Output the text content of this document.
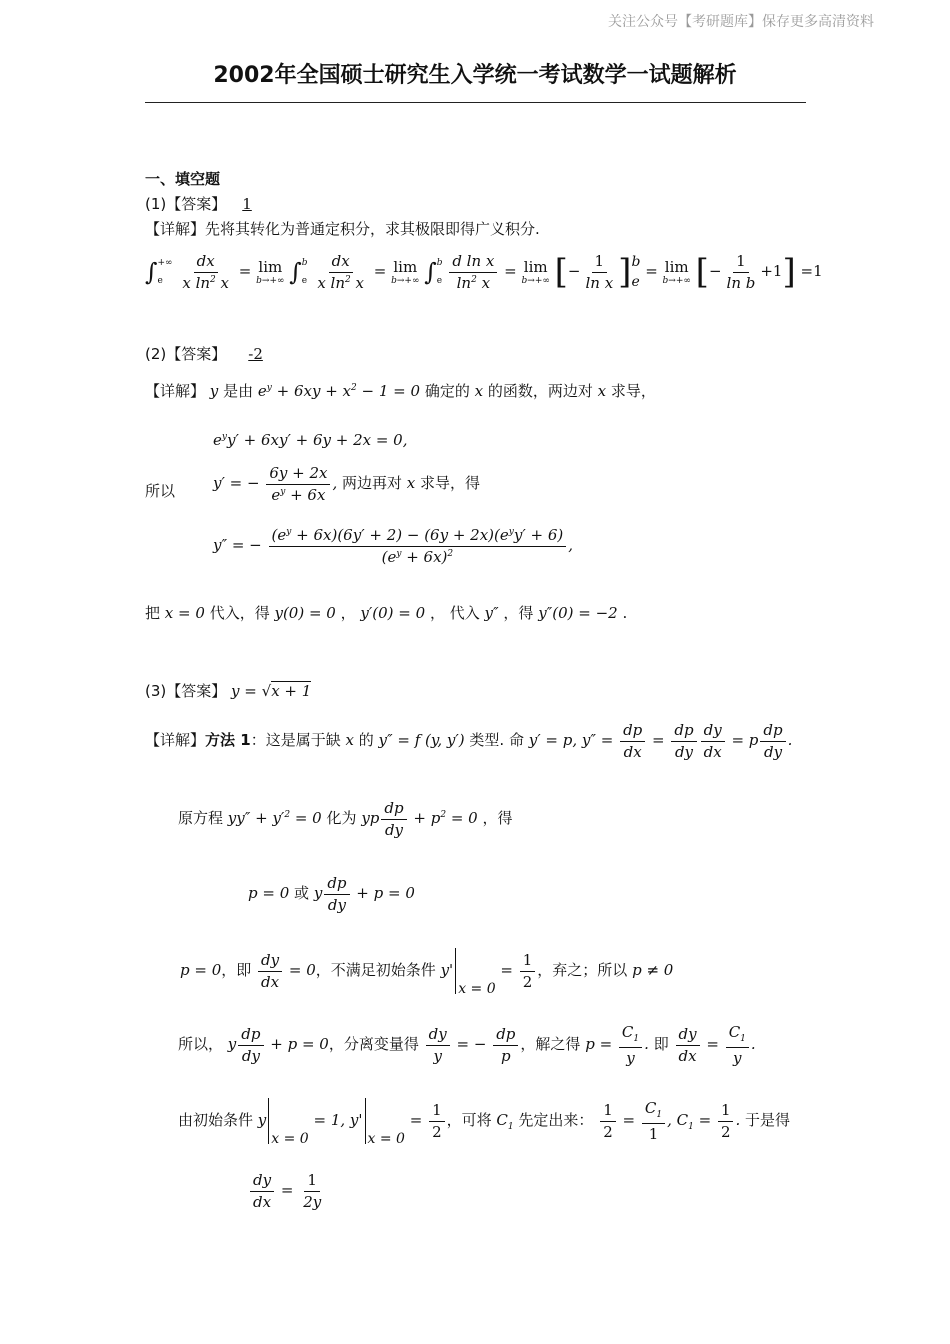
关注公众号【考研题库】保存更多高清资料
2002年全国硕士研究生入学统一考试数学一试题解析
一、填空题
(1)【答案】 1
【详解】先将其转化为普通定积分，求其极限即得广义积分.
∫ +∞
e
	$\frac{dx}{x \ln^2 x} = \lim$
b→+∞ ∫ b
e
$\frac{dx}{x \ln^2 x} = \lim$
b→+∞ ∫ b
e
$\frac{\text{d ln x}}{\ln^2 x} = \lim$
b→+∞ [− $\frac{1}{\text{ln x}}$ ] b
e
= lim
b→+∞ [− $\frac{1}{\text{ln b}} +1] =1$
(2)【答案】 -2
【详解】 y 是由 $e^y + 6xy + x^2 - 1 = 0$ 确定的 x 的函数，两边对 x 求导，
$e^yy' + 6xy' + 6y + 2x = 0$,
所以	y′ = − $\frac{6y + 2x}{e^y + 6x}$ , 两边再对 x 求导，得
y″ = −
$(e^y + 6x)(6y' + 2) - (6y + 2x)(e^yy' + 6)$
$(e^y + 6x)^2$	,
把 x = 0 代入，得 y(0) = 0 ， y′(0) = 0 ， 代入 y″ ，得 y″(0) = −2 .
(3)【答案】 y = √x + 1
【详解】方法 1：这是属于缺 x 的 y″ = f (y, y′) 类型. 命 y′ = p, $y'' = \frac{dp}{dx} = \frac{dp}{dy} \frac{dy}{dx} = p \frac{dp}{dy}$ .
原方程 $yy'' + y'^2 = 0$ 化为 yp $\frac{dp}{dy} + p^2 = 0$ ，得
p = 0 或 y $\frac{dp}{dy} + p = 0$
p = 0，即 $\frac{dy}{dx} = 0$，不满足初始条件 $y'x = 0 = \frac{1}{2}$ ，弃之；所以 p ≠ 0
所以， y $\frac{dp}{dy} + p = 0$，分离变量得 $\frac{dy}{y}$ = − $\frac{dp}{p}$ ，解之得 $p = \frac{C_1}{y}$ . 即 $\frac{dy}{dx} = \frac{C_1}{y}$ .
由初始条件 yx = 0 = 1, $y'x = 0 = \frac{1}{2}$ ，可将 $C_1$ 先定出来： $\frac{1}{2} = \frac{C_1}{1}$ , $C_1 = \frac{1}{2}$ . 于是得
$\frac{dy}{dx} = \frac{1}{2y}$
